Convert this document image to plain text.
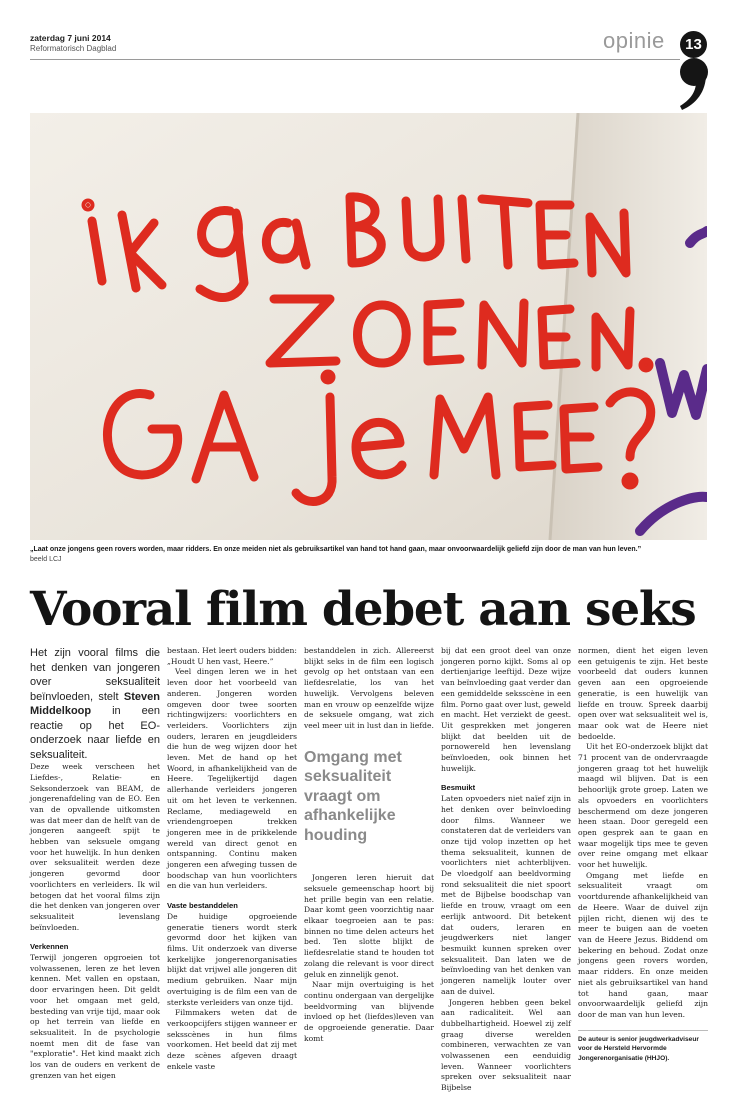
zaterdag 7 juni 2014
Reformatorisch Dagblad	opinie	13
„Laat onze jongens geen rovers worden, maar ridders. En onze meiden niet als gebruiksartikel van hand tot hand gaan, maar onvoorwaardelijk geliefd zijn door de man van hun leven.”
beeld LCJ
Vooral film debet aan seks

Het zijn vooral films die het denken van jongeren over seksualiteit beïnvloeden, stelt Steven Middelkoop in een reactie op het EO-onderzoek naar liefde en seksualiteit.

Deze week verscheen het Liefdes-, Relatie- en Seksonderzoek van BEAM, de jongerenafdeling van de EO. Een van de opvallende uitkomsten was dat meer dan de helft van de jongeren aangeeft spijt te hebben van seksuele omgang voor het huwelijk. In hun denken over seksualiteit werden deze jongeren gevormd door voorlichters en verleiders. Ik wil betogen dat het vooral films zijn die het denken van jongeren over seksualiteit levenslang beïnvloeden.

Verkennen

Terwijl jongeren opgroeien tot volwassenen, leren ze het leven kennen. Met vallen en opstaan, door ervaringen heen. Dit geldt voor het omgaan met geld, besteding van vrije tijd, maar ook op het terrein van liefde en seksualiteit. In de psychologie noemt men dit de fase van "exploratie". Het kind maakt zich los van de ouders en verkent de grenzen van het eigen

bestaan. Het leert ouders bidden: „Houdt U hen vast, Heere.”

Veel dingen leren we in het leven door het voorbeeld van anderen. Jongeren worden omgeven door twee soorten richtingwijzers: voorlichters en verleiders. Voorlichters zijn ouders, leraren en jeugdleiders die hun de weg wijzen door het leven. Met de hand op het Woord, in afhankelijkheid van de Heere. Tegelijkertijd dagen allerhande verleiders jongeren uit om het leven te verkennen. Reclame, mediageweld en vriendengroepen trekken jongeren mee in de prikkelende wereld van direct genot en ontspanning. Continu maken jongeren een afweging tussen de boodschap van hun voorlichters en die van hun verleiders.

Vaste bestanddelen

De huidige opgroeiende generatie tieners wordt sterk gevormd door het kijken van films. Uit onderzoek van diverse kerkelijke jongerenorganisaties blijkt dat vrijwel alle jongeren dit medium gebruiken. Naar mijn overtuiging is de film een van de sterkste verleiders van onze tijd.

Filmmakers weten dat de verkoopcijfers stijgen wanneer er seksscènes in hun films voorkomen. Het beeld dat zij met deze scènes afgeven draagt enkele vaste

bestanddelen in zich. Allereerst blijkt seks in de film een logisch gevolg op het ontstaan van een liefdesrelatie, los van het huwelijk. Vervolgens beleven man en vrouw op eenzelfde wijze de seksuele omgang, wat zich veel meer uit in lust dan in liefde.

Omgang met seksualiteit vraagt om afhankelijke houding

Jongeren leren hieruit dat seksuele gemeenschap hoort bij het prille begin van een relatie. Daar komt geen voorzichtig naar elkaar toegroeien aan te pas: binnen no time delen acteurs het bed. Ten slotte blijkt de liefdesrelatie stand te houden tot zolang die relevant is voor direct geluk en zinnelijk genot.

Naar mijn overtuiging is het continu ondergaan van dergelijke beeldvorming van blijvende invloed op het (liefdes)leven van de opgroeiende generatie. Daar komt

bij dat een groot deel van onze jongeren porno kijkt. Soms al op dertienjarige leeftijd. Deze wijze van beïnvloeding gaat verder dan een gemiddelde seksscène in een film. Porno gaat over lust, geweld en macht. Het verziekt de geest. Uit gesprekken met jongeren blijkt dat beelden uit de pornowereld hen levenslang beïnvloeden, ook binnen het huwelijk.

Besmuikt

Laten opvoeders niet naïef zijn in het denken over beïnvloeding door films. Wanneer we constateren dat de verleiders van onze tijd volop inzetten op het thema seksualiteit, kunnen de voorlichters niet achterblijven. De vloedgolf aan beeldvorming rond seksualiteit die niet spoort met de Bijbelse boodschap van liefde en trouw, vraagt om een eerlijk antwoord. Dit betekent dat ouders, leraren en jeugdwerkers niet langer besmuikt kunnen spreken over seksualiteit. Dan laten we de beïnvloeding van het denken van jongeren namelijk louter over aan de duivel.

Jongeren hebben geen bekel aan radicaliteit. Wel aan dubbelhartigheid. Hoewel zij zelf graag diverse werelden combineren, verwachten ze van volwassenen een eenduidig leven. Wanneer voorlichters spreken over seksualiteit naar Bijbelse

normen, dient het eigen leven een getuigenis te zijn. Het beste voorbeeld dat ouders kunnen geven aan een opgroeiende generatie, is een huwelijk van liefde en trouw. Spreek daarbij open over wat seksualiteit wel is, maar ook wat de Heere niet bedoelde.

Uit het EO-onderzoek blijkt dat 71 procent van de ondervraagde jongeren graag tot het huwelijk maagd wil blijven. Dat is een behoorlijk grote groep. Laten we als opvoeders en voorlichters beschermend om deze jongeren heen staan. Door geregeld een open gesprek aan te gaan en waar mogelijk tips mee te geven over reine omgang met elkaar voor het huwelijk.

Omgang met liefde en seksualiteit vraagt om voortdurende afhankelijkheid van de Heere. Waar de duivel zijn pijlen richt, dienen wij des te meer te buigen aan de voeten van de Heere Jezus. Biddend om bekering en behoud. Zodat onze jongens geen rovers worden, maar ridders. En onze meiden niet als gebruiksartikel van hand tot hand gaan, maar onvoorwaardelijk geliefd zijn door de man van hun leven.

De auteur is senior jeugdwerkadviseur voor de Hersteld Hervormde Jongerenorganisatie (HHJO).
